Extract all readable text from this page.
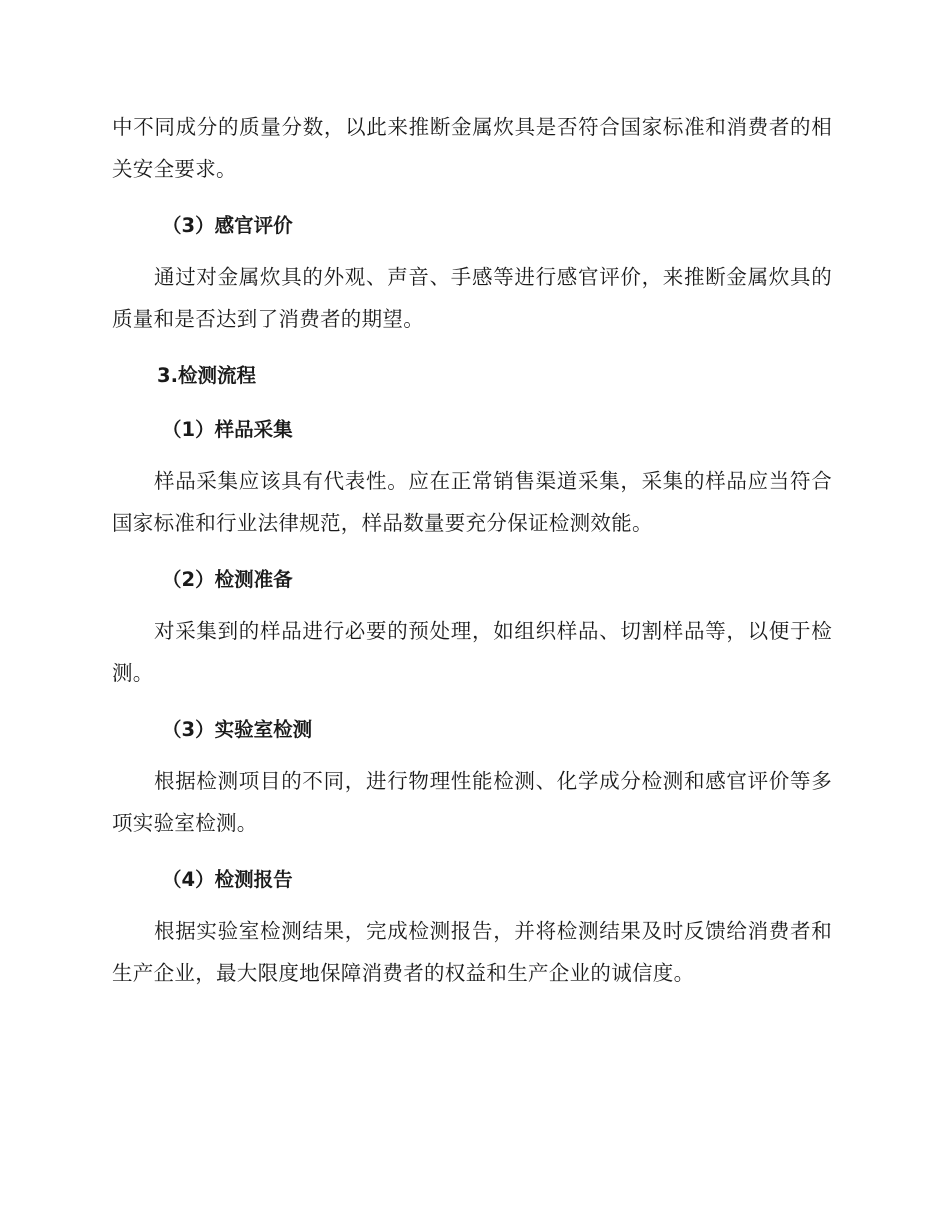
中不同成分的质量分数，以此来推断金属炊具是否符合国家标准和消费者的相关安全要求。

（3）感官评价

通过对金属炊具的外观、声音、手感等进行感官评价，来推断金属炊具的质量和是否达到了消费者的期望。

3.检测流程
（1）样品采集

样品采集应该具有代表性。应在正常销售渠道采集，采集的样品应当符合国家标准和行业法律规范，样品数量要充分保证检测效能。

（2）检测准备

对采集到的样品进行必要的预处理，如组织样品、切割样品等，以便于检测。

（3）实验室检测

根据检测项目的不同，进行物理性能检测、化学成分检测和感官评价等多项实验室检测。

（4）检测报告

根据实验室检测结果，完成检测报告，并将检测结果及时反馈给消费者和生产企业，最大限度地保障消费者的权益和生产企业的诚信度。
